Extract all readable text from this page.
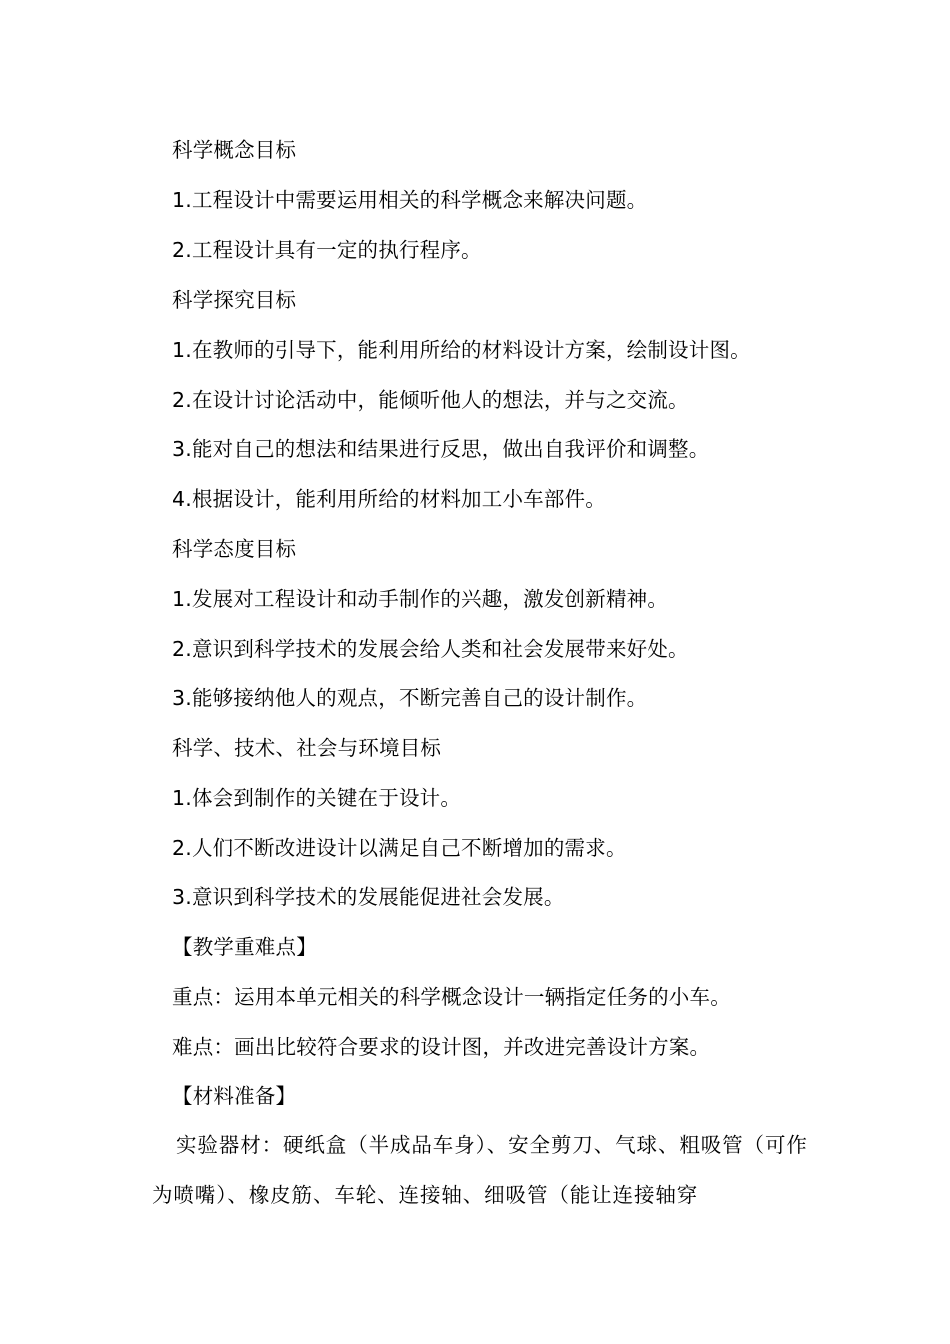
科学概念目标
1.工程设计中需要运用相关的科学概念来解决问题。
2.工程设计具有一定的执行程序。
科学探究目标
1.在教师的引导下，能利用所给的材料设计方案，绘制设计图。
2.在设计讨论活动中，能倾听他人的想法，并与之交流。
3.能对自己的想法和结果进行反思，做出自我评价和调整。
4.根据设计，能利用所给的材料加工小车部件。
科学态度目标
1.发展对工程设计和动手制作的兴趣，激发创新精神。
2.意识到科学技术的发展会给人类和社会发展带来好处。
3.能够接纳他人的观点，不断完善自己的设计制作。
科学、技术、社会与环境目标
1.体会到制作的关键在于设计。
2.人们不断改进设计以满足自己不断增加的需求。
3.意识到科学技术的发展能促进社会发展。
【教学重难点】
重点：运用本单元相关的科学概念设计一辆指定任务的小车。
难点：画出比较符合要求的设计图，并改进完善设计方案。
【材料准备】
实验器材：硬纸盒（半成品车身）、安全剪刀、气球、粗吸管（可作为喷嘴）、橡皮筋、车轮、连接轴、细吸管（能让连接轴穿
